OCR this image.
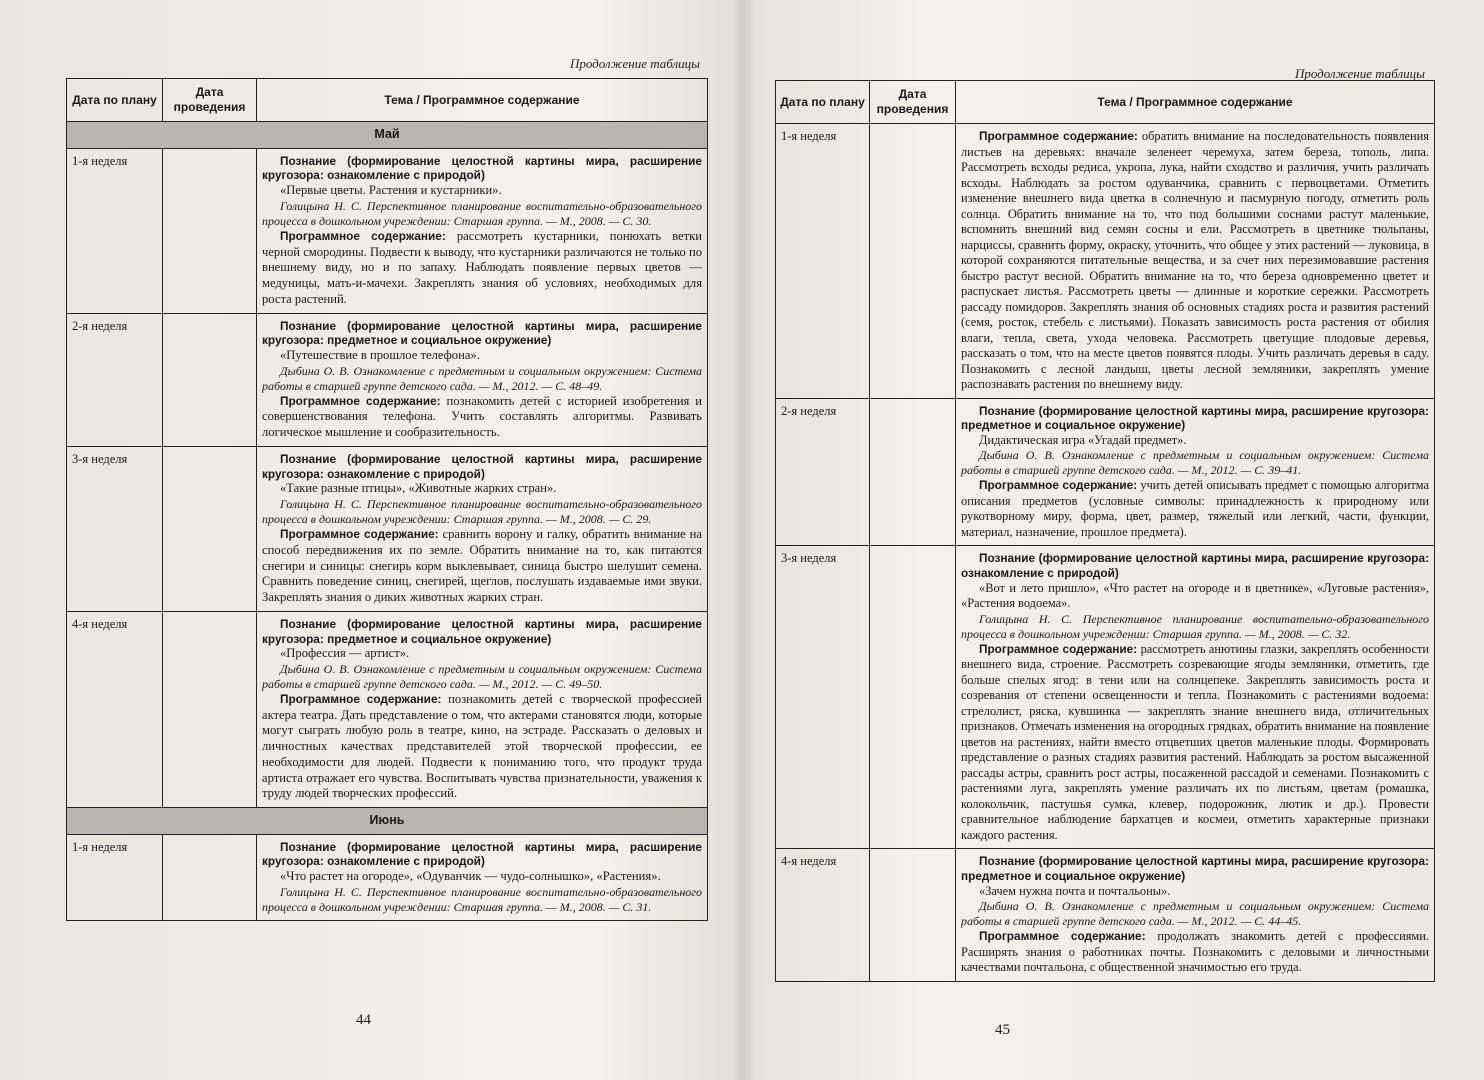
Продолжение таблицы
Дата по плану	Дата проведения	Тема / Программное содержание
Май		
1-я неделя		Познание (формирование целостной картины мира, расширение кругозора: ознакомление с природой)

«Первые цветы. Растения и кустарники».

Голицына Н. С. Перспективное планирование воспитательно-образовательного процесса в дошкольном учреждении: Старшая группа. — М., 2008. — С. 30.

Программное содержание: рассмотреть кустарники, понюхать ветки черной смородины. Подвести к выводу, что кустарники различаются не только по внешнему виду, но и по запаху. Наблюдать появление первых цветов — медуницы, мать-и-мачехи. Закреплять знания об условиях, необходимых для роста растений.

2-я неделя		Познание (формирование целостной картины мира, расширение кругозора: предметное и социальное окружение)

«Путешествие в прошлое телефона».

Дыбина О. В. Ознакомление с предметным и социальным окружением: Система работы в старшей группе детского сада. — М., 2012. — С. 48–49.

Программное содержание: познакомить детей с историей изобретения и совершенствования телефона. Учить составлять алгоритмы. Развивать логическое мышление и сообразительность.

3-я неделя		Познание (формирование целостной картины мира, расширение кругозора: ознакомление с природой)

«Такие разные птицы», «Животные жарких стран».

Голицына Н. С. Перспективное планирование воспитательно-образовательного процесса в дошкольном учреждении: Старшая группа. — М., 2008. — С. 29.

Программное содержание: сравнить ворону и галку, обратить внимание на способ передвижения их по земле. Обратить внимание на то, как питаются снегири и синицы: снегирь корм выклевывает, синица быстро шелушит семена. Сравнить поведение синиц, снегирей, щеглов, послушать издаваемые ими звуки. Закреплять знания о диких животных жарких стран.

4-я неделя		Познание (формирование целостной картины мира, расширение кругозора: предметное и социальное окружение)

«Профессия — артист».

Дыбина О. В. Ознакомление с предметным и социальным окружением: Система работы в старшей группе детского сада. — М., 2012. — С. 49–50.

Программное содержание: познакомить детей с творческой профессией актера театра. Дать представление о том, что актерами становятся люди, которые могут сыграть любую роль в театре, кино, на эстраде. Рассказать о деловых и личностных качествах представителей этой творческой профессии, ее необходимости для людей. Подвести к пониманию того, что продукт труда артиста отражает его чувства. Воспитывать чувства признательности, уважения к труду людей творческих профессий.

Июнь		
1-я неделя		Познание (формирование целостной картины мира, расширение кругозора: ознакомление с природой)

«Что растет на огороде», «Одуванчик — чудо-солнышко», «Растения».

Голицына Н. С. Перспективное планирование воспитательно-образовательного процесса в дошкольном учреждении: Старшая группа. — М., 2008. — С. 31.

44
Продолжение таблицы
Дата по плану	Дата проведения	Тема / Программное содержание
1-я неделя		Программное содержание: обратить внимание на последовательность появления листьев на деревьях: вначале зеленеет черемуха, затем береза, тополь, липа. Рассмотреть всходы редиса, укропа, лука, найти сходство и различия, учить различать всходы. Наблюдать за ростом одуванчика, сравнить с первоцветами. Отметить изменение внешнего вида цветка в солнечную и пасмурную погоду, отметить роль солнца. Обратить внимание на то, что под большими соснами растут маленькие, вспомнить внешний вид семян сосны и ели. Рассмотреть в цветнике тюльпаны, нарциссы, сравнить форму, окраску, уточнить, что общее у этих растений — луковица, в которой сохраняются питательные вещества, и за счет них перезимовавшие растения быстро растут весной. Обратить внимание на то, что береза одновременно цветет и распускает листья. Рассмотреть цветы — длинные и короткие сережки. Рассмотреть рассаду помидоров. Закреплять знания об основных стадиях роста и развития растений (семя, росток, стебель с листьями). Показать зависимость роста растения от обилия влаги, тепла, света, ухода человека. Рассмотреть цветущие плодовые деревья, рассказать о том, что на месте цветов появятся плоды. Учить различать деревья в саду. Познакомить с лесной ландыш, цветы лесной земляники, закреплять умение распознавать растения по внешнему виду.

2-я неделя		Познание (формирование целостной картины мира, расширение кругозора: предметное и социальное окружение)

Дидактическая игра «Угадай предмет».

Дыбина О. В. Ознакомление с предметным и социальным окружением: Система работы в старшей группе детского сада. — М., 2012. — С. 39–41.

Программное содержание: учить детей описывать предмет с помощью алгоритма описания предметов (условные символы: принадлежность к природному или рукотворному миру, форма, цвет, размер, тяжелый или легкий, части, функции, материал, назначение, прошлое предмета).

3-я неделя		Познание (формирование целостной картины мира, расширение кругозора: ознакомление с природой)

«Вот и лето пришло», «Что растет на огороде и в цветнике», «Луговые растения», «Растения водоема».

Голицына Н. С. Перспективное планирование воспитательно-образовательного процесса в дошкольном учреждении: Старшая группа. — М., 2008. — С. 32.

Программное содержание: рассмотреть анютины глазки, закреплять особенности внешнего вида, строение. Рассмотреть созревающие ягоды земляники, отметить, где больше спелых ягод: в тени или на солнцепеке. Закреплять зависимость роста и созревания от степени освещенности и тепла. Познакомить с растениями водоема: стрелолист, ряска, кувшинка — закреплять знание внешнего вида, отличительных признаков. Отмечать изменения на огородных грядках, обратить внимание на появление цветов на растениях, найти вместо отцветших цветов маленькие плоды. Формировать представление о разных стадиях развития растений. Наблюдать за ростом высаженной рассады астры, сравнить рост астры, посаженной рассадой и семенами. Познакомить с растениями луга, закреплять умение различать их по листьям, цветам (ромашка, колокольчик, пастушья сумка, клевер, подорожник, лютик и др.). Провести сравнительное наблюдение бархатцев и космеи, отметить характерные признаки каждого растения.

4-я неделя		Познание (формирование целостной картины мира, расширение кругозора: предметное и социальное окружение)

«Зачем нужна почта и почтальоны».

Дыбина О. В. Ознакомление с предметным и социальным окружением: Система работы в старшей группе детского сада. — М., 2012. — С. 44–45.

Программное содержание: продолжать знакомить детей с профессиями. Расширять знания о работниках почты. Познакомить с деловыми и личностными качествами почтальона, с общественной значимостью его труда.

45
